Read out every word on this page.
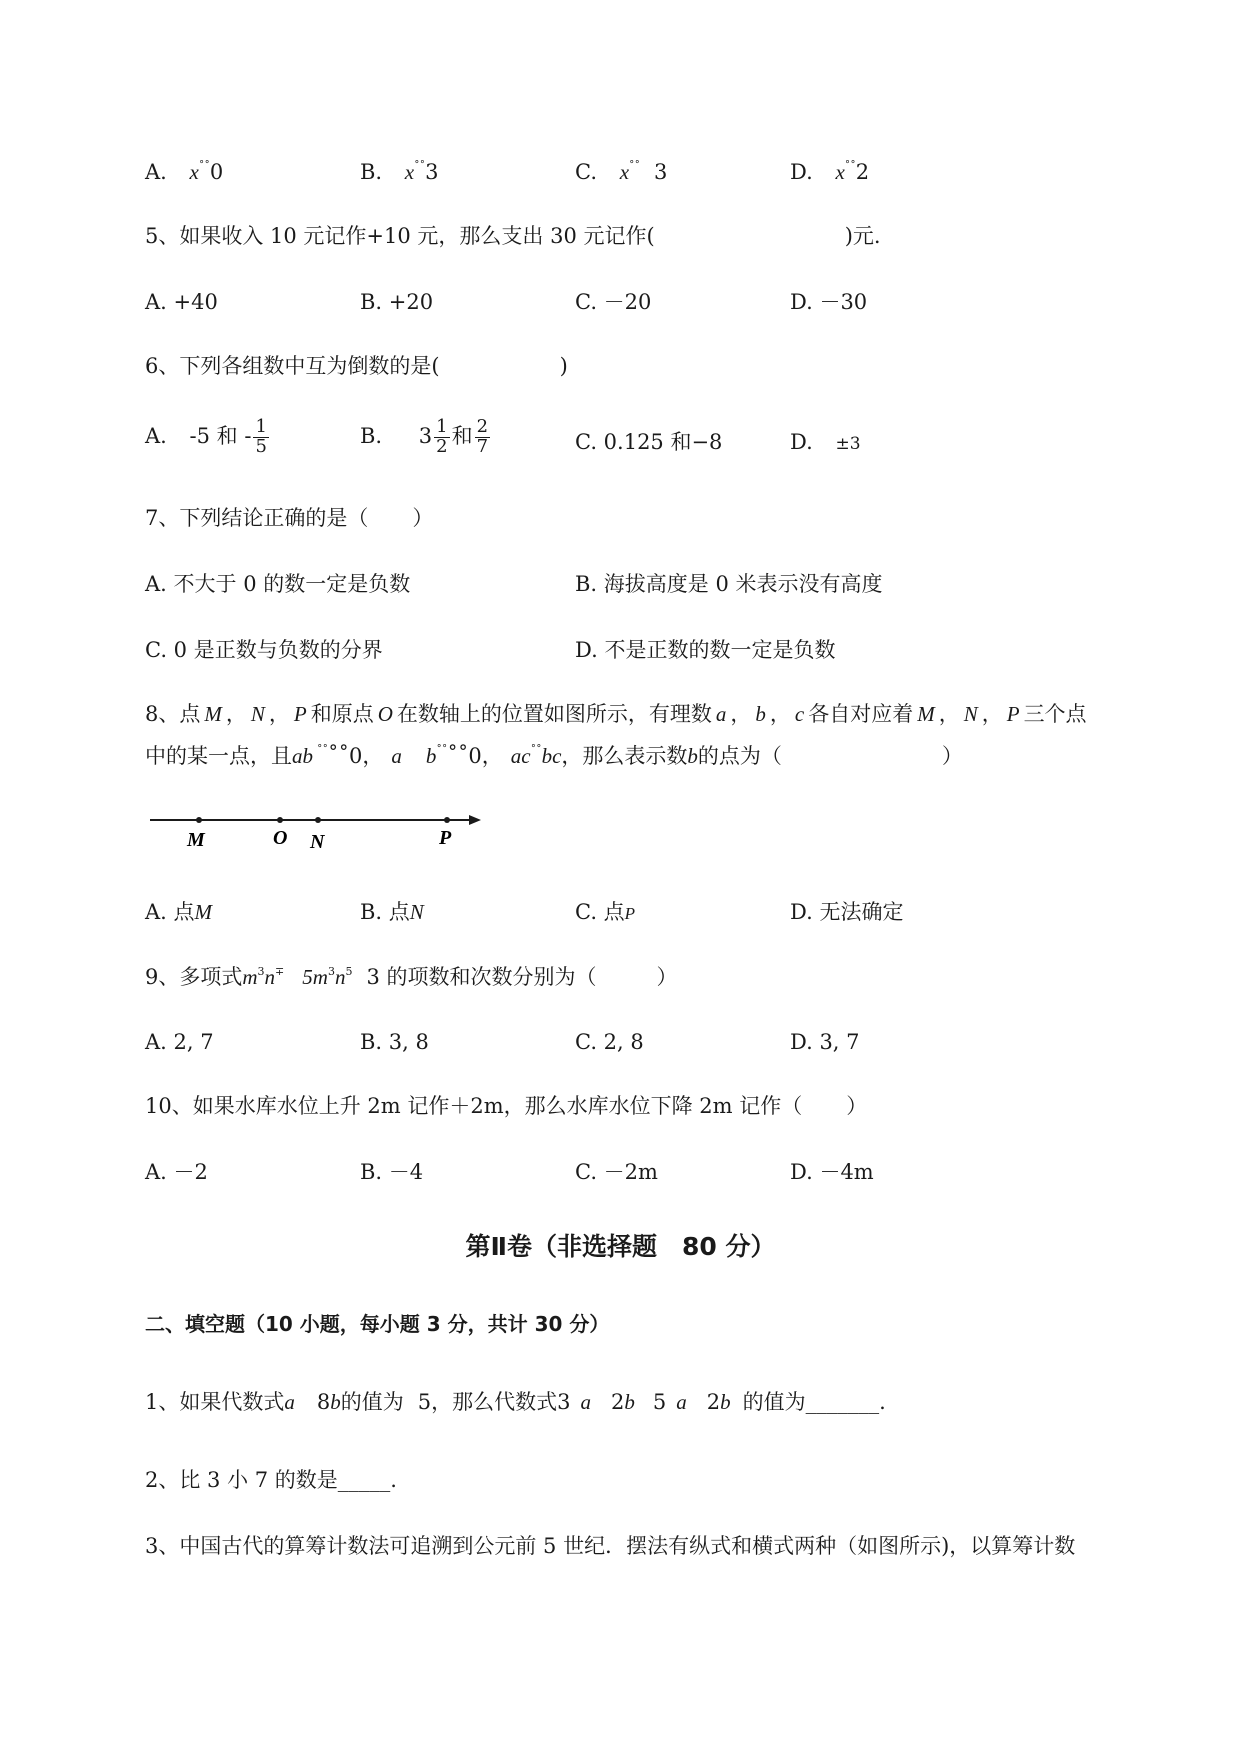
A. x˚˚0	B. x˚˚3	C. x˚˚ 3	D. x˚˚2
5、如果收入 10 元记作+10 元，那么支出 30 元记作(	)元.
A. +40	B. +20	C. －20	D. －30
6、下列各组数中互为倒数的是(	)
A. -5 和 - $\frac{1}{5}$	B. $3 \frac{1}{2}$ 和 $\frac{2}{7}$	C. 0.125 和−8	D. ±3
7、下列结论正确的是（ ）
A. 不大于 0 的数一定是负数	B. 海拔高度是 0 米表示没有高度
C. 0 是正数与负数的分界	D. 不是正数的数一定是负数
8、点 M ， N ， P 和原点 O 在数轴上的位置如图所示，有理数 a ， b ， c 各自对应着 M ， N ， P 三个点
中的某一点，且ab ˚˚˚˚0， a b˚˚˚˚0， ac˚˚bc，那么表示数b的点为（	）
M	O N	P
A. 点M	B. 点N	C. 点P	D. 无法确定
9、多项式$m^3n^\mp$ $5m^3n^5$ 3 的项数和次数分别为（	）
A. 2, 7	B. 3, 8	C. 2, 8	D. 3, 7
10、如果水库水位上升 2m 记作＋2m，那么水库水位下降 2m 记作（ ）
A. －2	B. －4	C. －2m	D. －4m
第Ⅱ卷（非选择题　80 分）
二、填空题（10 小题，每小题 3 分，共计 30 分）
1、如果代数式a 8b的值为 5，那么代数式3 a 2b 5 a 2b 的值为_______.
2、比 3 小 7 的数是_____.
3、中国古代的算筹计数法可追溯到公元前 5 世纪．摆法有纵式和横式两种（如图所示)，以算筹计数
